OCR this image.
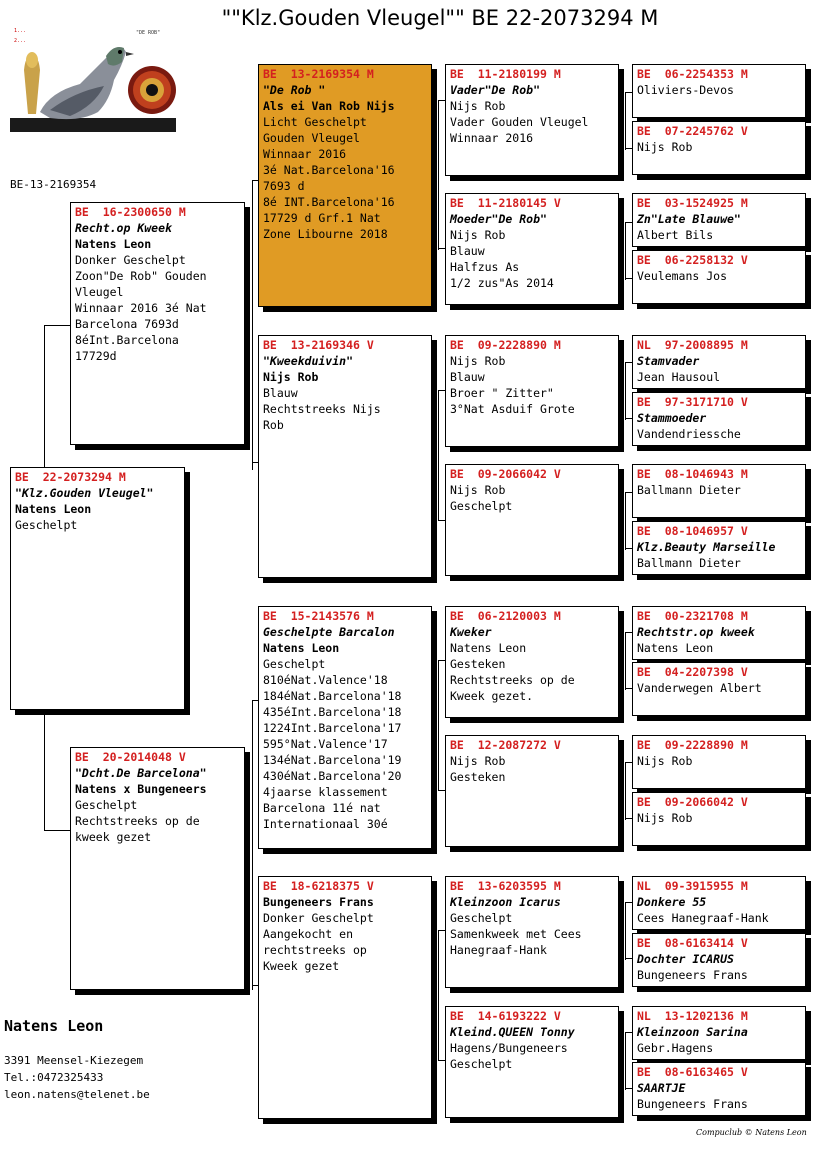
""Klz.Gouden Vleugel"" BE 22-2073294 M
1...
2...
"DE ROB"
BE-13-2169354
BE  22-2073294 M
"Klz.Gouden Vleugel"
Natens Leon
Geschelpt
BE  16-2300650 M
Recht.op Kweek
Natens Leon
Donker Geschelpt
Zoon"De Rob" Gouden
Vleugel
Winnaar 2016 3é Nat
Barcelona 7693d
8éInt.Barcelona
17729d
BE  20-2014048 V
"Dcht.De Barcelona"
Natens x Bungeneers
Geschelpt
Rechtstreeks op de
kweek gezet
BE  13-2169354 M
"De Rob "
Als ei Van Rob Nijs
Licht Geschelpt
Gouden Vleugel
Winnaar 2016
3é Nat.Barcelona'16
7693 d
8é INT.Barcelona'16
17729 d Grf.1 Nat
Zone Libourne 2018
BE  13-2169346 V
"Kweekduivin"
Nijs Rob
Blauw
Rechtstreeks Nijs
Rob
BE  15-2143576 M
Geschelpte Barcalon
Natens Leon
Geschelpt
810éNat.Valence'18
184éNat.Barcelona'18
435éInt.Barcelona'18
1224Int.Barcelona'17
595°Nat.Valence'17
134éNat.Barcelona'19
430éNat.Barcelona'20
4jaarse klassement
Barcelona 11é nat
Internationaal 30é
BE  18-6218375 V
Bungeneers Frans
Donker Geschelpt
Aangekocht en
rechtstreeks op
Kweek gezet
BE  11-2180199 M
Vader"De Rob"
Nijs Rob
Vader Gouden Vleugel
Winnaar 2016
BE  11-2180145 V
Moeder"De Rob"
Nijs Rob
Blauw
Halfzus As
1/2 zus"As 2014
BE  09-2228890 M
Nijs Rob
Blauw
Broer " Zitter"
3°Nat Asduif Grote
BE  09-2066042 V
Nijs Rob
Geschelpt
BE  06-2120003 M
Kweker
Natens Leon
Gesteken
Rechtstreeks op de
Kweek gezet.
BE  12-2087272 V
Nijs Rob
Gesteken
BE  13-6203595 M
Kleinzoon Icarus
Geschelpt
Samenkweek met Cees
Hanegraaf-Hank
BE  14-6193222 V
Kleind.QUEEN Tonny
Hagens/Bungeneers
Geschelpt
BE  06-2254353 M
Oliviers-Devos
BE  07-2245762 V
Nijs Rob
BE  03-1524925 M
Zn"Late Blauwe"
Albert Bils
BE  06-2258132 V
Veulemans Jos
NL  97-2008895 M
Stamvader
Jean Hausoul
BE  97-3171710 V
Stammoeder
Vandendriessche
BE  08-1046943 M
Ballmann Dieter
BE  08-1046957 V
Klz.Beauty Marseille
Ballmann Dieter
BE  00-2321708 M
Rechtstr.op kweek
Natens Leon
BE  04-2207398 V
Vanderwegen Albert
BE  09-2228890 M
Nijs Rob
BE  09-2066042 V
Nijs Rob
NL  09-3915955 M
Donkere 55
Cees Hanegraaf-Hank
BE  08-6163414 V
Dochter ICARUS
Bungeneers Frans
NL  13-1202136 M
Kleinzoon Sarina
Gebr.Hagens
BE  08-6163465 V
SAARTJE
Bungeneers Frans
Natens Leon
3391 Meensel-Kiezegem
Tel.:0472325433
leon.natens@telenet.be
Compuclub © Natens Leon
